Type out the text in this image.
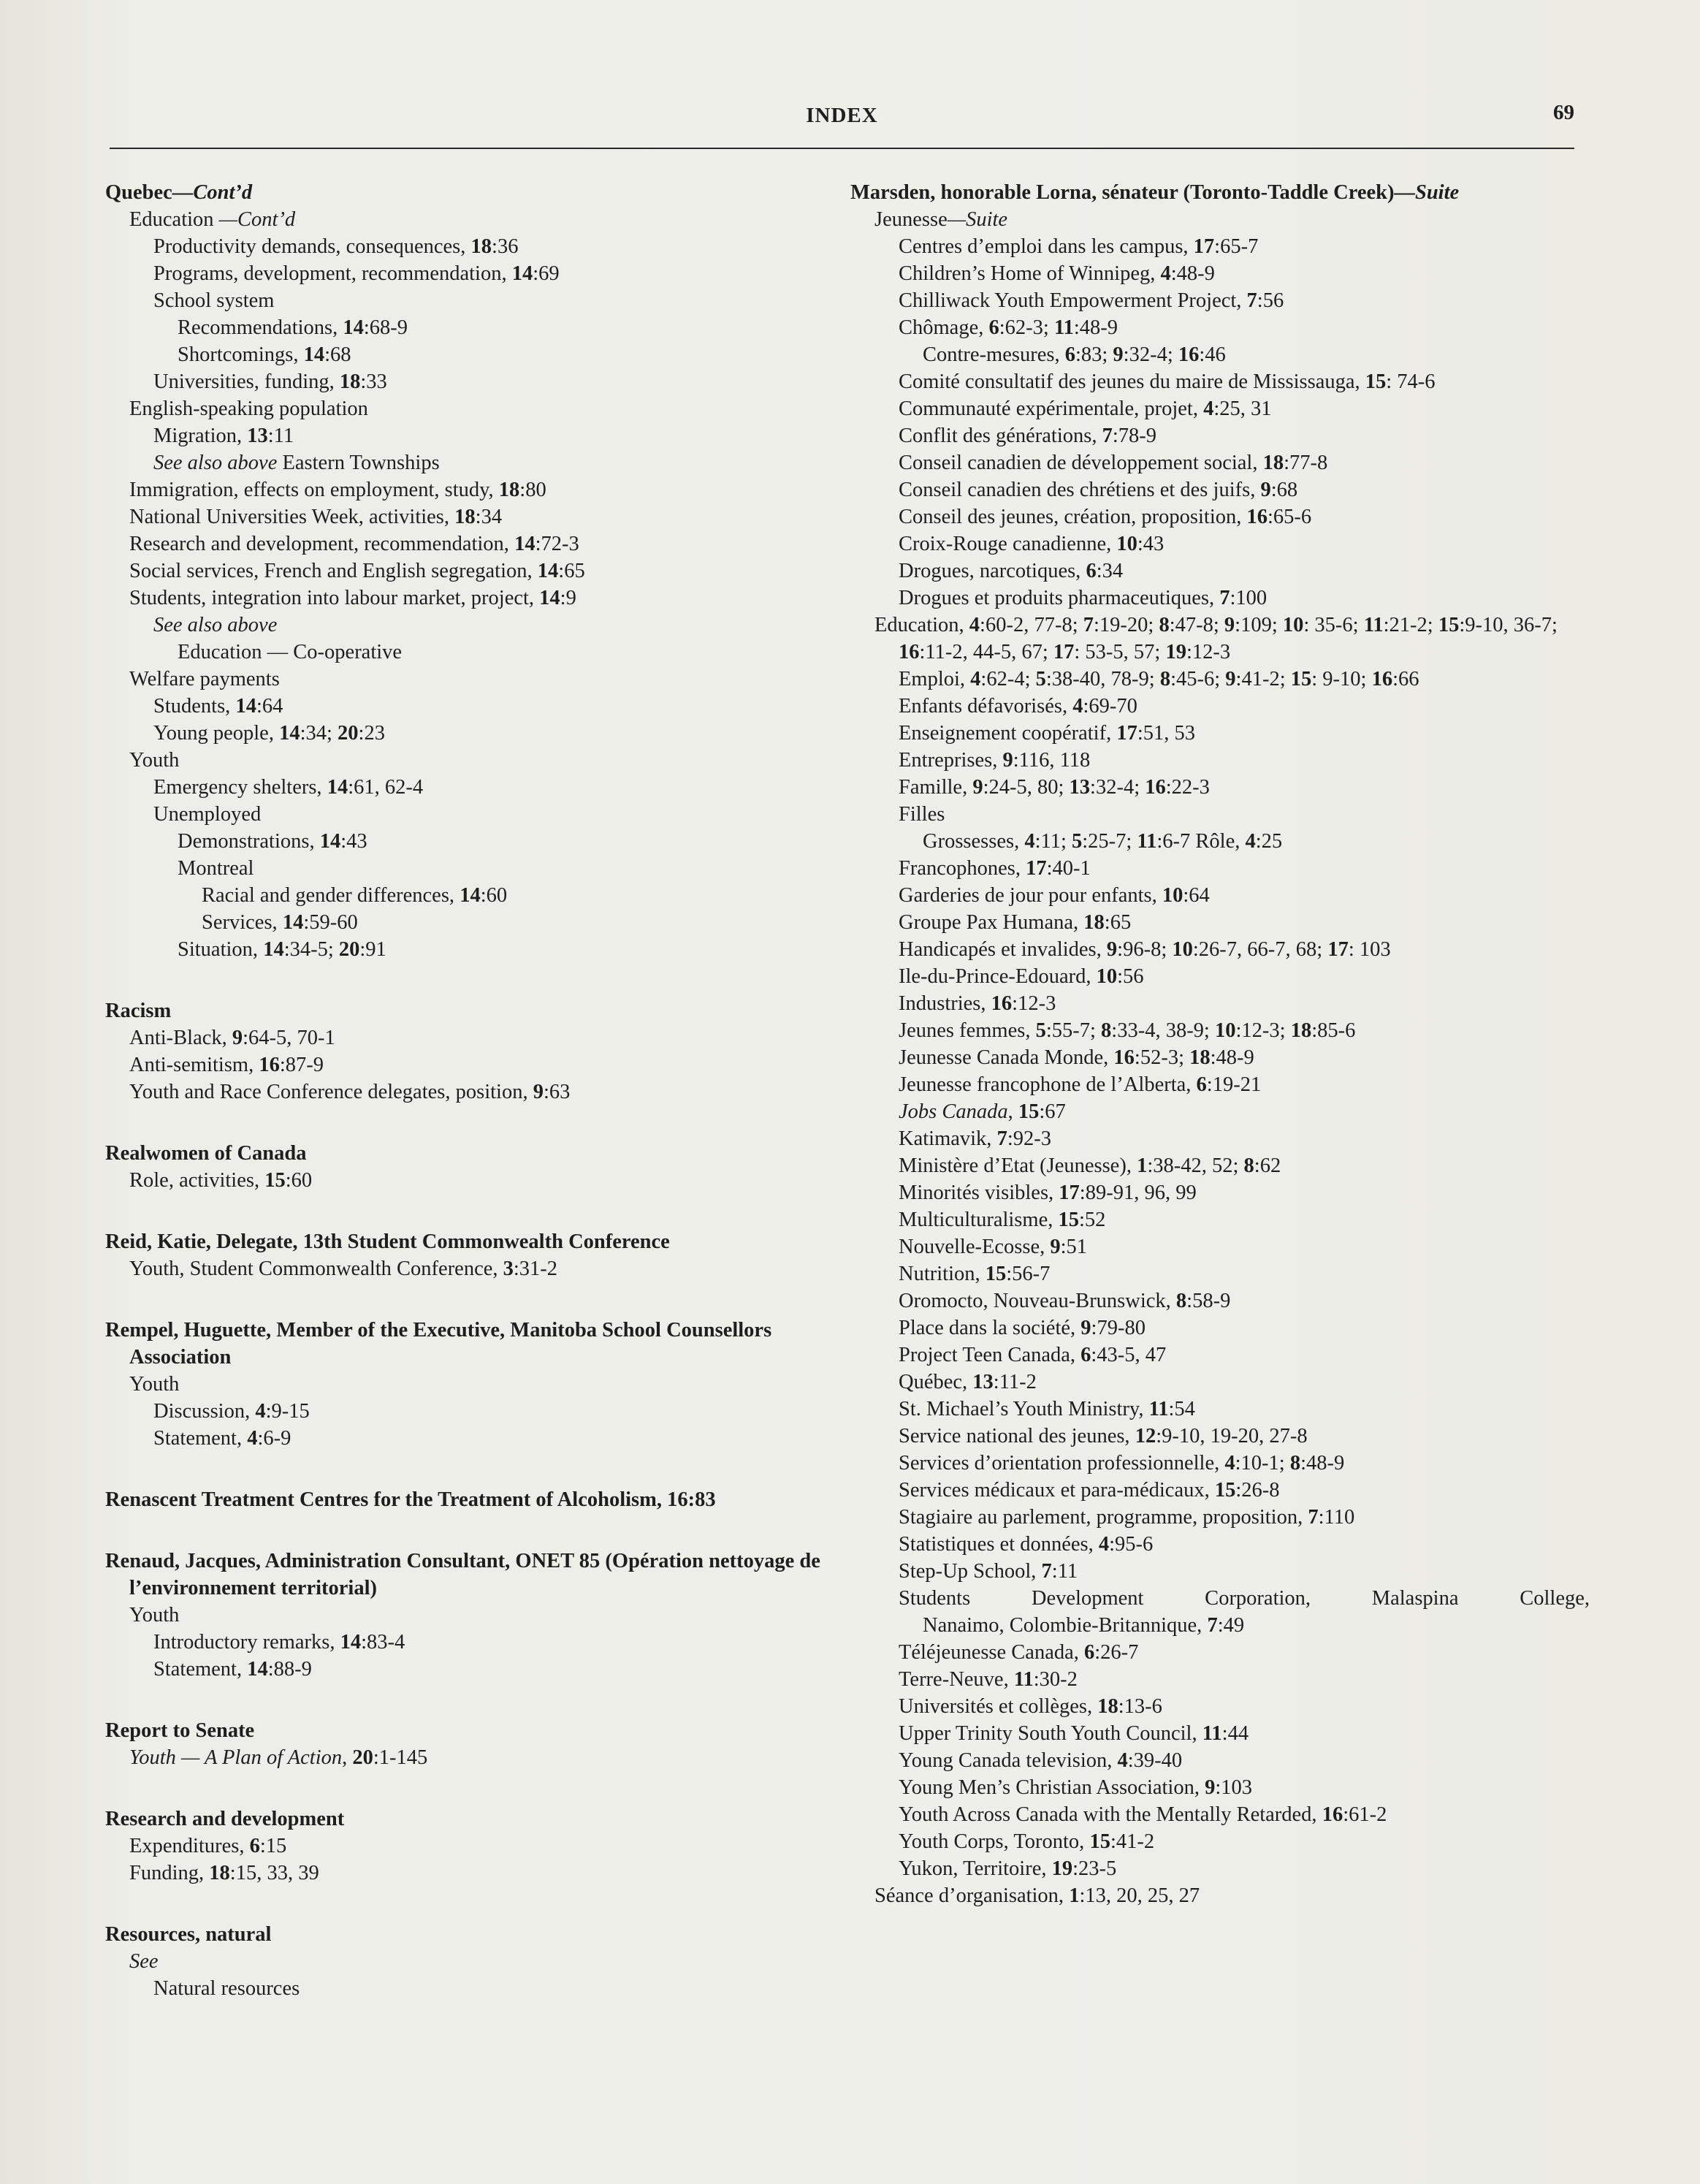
INDEX	69
Quebec—Cont’d
Education —Cont’d
Productivity demands, consequences, 18:36
Programs, development, recommendation, 14:69
School system
Recommendations, 14:68-9
Shortcomings, 14:68
Universities, funding, 18:33
English-speaking population
Migration, 13:11
See also above Eastern Townships
Immigration, effects on employment, study, 18:80
National Universities Week, activities, 18:34
Research and development, recommendation, 14:72-3
Social services, French and English segregation, 14:65
Students, integration into labour market, project, 14:9
See also above
Education — Co-operative
Welfare payments
Students, 14:64
Young people, 14:34; 20:23
Youth
Emergency shelters, 14:61, 62-4
Unemployed
Demonstrations, 14:43
Montreal
Racial and gender differences, 14:60
Services, 14:59-60
Situation, 14:34-5; 20:91
Racism
Anti-Black, 9:64-5, 70-1
Anti-semitism, 16:87-9
Youth and Race Conference delegates, position, 9:63
Realwomen of Canada
Role, activities, 15:60
Reid, Katie, Delegate, 13th Student Commonwealth Conference
Youth, Student Commonwealth Conference, 3:31-2
Rempel, Huguette, Member of the Executive, Manitoba School Counsellors Association
Youth
Discussion, 4:9-15
Statement, 4:6-9
Renascent Treatment Centres for the Treatment of Alcoholism, 16:83
Renaud, Jacques, Administration Consultant, ONET 85 (Opération nettoyage de l’environnement territorial)
Youth
Introductory remarks, 14:83-4
Statement, 14:88-9
Report to Senate
Youth — A Plan of Action, 20:1-145
Research and development
Expenditures, 6:15
Funding, 18:15, 33, 39
Resources, natural
See
Natural resources
Marsden, honorable Lorna, sénateur (Toronto-Taddle Creek)—Suite
Jeunesse—Suite
Centres d’emploi dans les campus, 17:65-7
Children’s Home of Winnipeg, 4:48-9
Chilliwack Youth Empowerment Project, 7:56
Chômage, 6:62-3; 11:48-9
Contre-mesures, 6:83; 9:32-4; 16:46
Comité consultatif des jeunes du maire de Mississauga, 15: 74-6
Communauté expérimentale, projet, 4:25, 31
Conflit des générations, 7:78-9
Conseil canadien de développement social, 18:77-8
Conseil canadien des chrétiens et des juifs, 9:68
Conseil des jeunes, création, proposition, 16:65-6
Croix-Rouge canadienne, 10:43
Drogues, narcotiques, 6:34
Drogues et produits pharmaceutiques, 7:100
Education, 4:60-2, 77-8; 7:19-20; 8:47-8; 9:109; 10: 35-6; 11:21-2; 15:9-10, 36-7; 16:11-2, 44-5, 67; 17: 53-5, 57; 19:12-3
Emploi, 4:62-4; 5:38-40, 78-9; 8:45-6; 9:41-2; 15: 9-10; 16:66
Enfants défavorisés, 4:69-70
Enseignement coopératif, 17:51, 53
Entreprises, 9:116, 118
Famille, 9:24-5, 80; 13:32-4; 16:22-3
Filles
Grossesses, 4:11; 5:25-7; 11:6-7 Rôle, 4:25
Francophones, 17:40-1
Garderies de jour pour enfants, 10:64
Groupe Pax Humana, 18:65
Handicapés et invalides, 9:96-8; 10:26-7, 66-7, 68; 17: 103
Ile-du-Prince-Edouard, 10:56
Industries, 16:12-3
Jeunes femmes, 5:55-7; 8:33-4, 38-9; 10:12-3; 18:85-6
Jeunesse Canada Monde, 16:52-3; 18:48-9
Jeunesse francophone de l’Alberta, 6:19-21
Jobs Canada, 15:67
Katimavik, 7:92-3
Ministère d’Etat (Jeunesse), 1:38-42, 52; 8:62
Minorités visibles, 17:89-91, 96, 99
Multiculturalisme, 15:52
Nouvelle-Ecosse, 9:51
Nutrition, 15:56-7
Oromocto, Nouveau-Brunswick, 8:58-9
Place dans la société, 9:79-80
Project Teen Canada, 6:43-5, 47
Québec, 13:11-2
St. Michael’s Youth Ministry, 11:54
Service national des jeunes, 12:9-10, 19-20, 27-8
Services d’orientation professionnelle, 4:10-1; 8:48-9
Services médicaux et para-médicaux, 15:26-8
Stagiaire au parlement, programme, proposition, 7:110
Statistiques et données, 4:95-6
Step-Up School, 7:11
Students Development Corporation, Malaspina College,
Nanaimo, Colombie-Britannique, 7:49
Téléjeunesse Canada, 6:26-7
Terre-Neuve, 11:30-2
Universités et collèges, 18:13-6
Upper Trinity South Youth Council, 11:44
Young Canada television, 4:39-40
Young Men’s Christian Association, 9:103
Youth Across Canada with the Mentally Retarded, 16:61-2
Youth Corps, Toronto, 15:41-2
Yukon, Territoire, 19:23-5
Séance d’organisation, 1:13, 20, 25, 27
